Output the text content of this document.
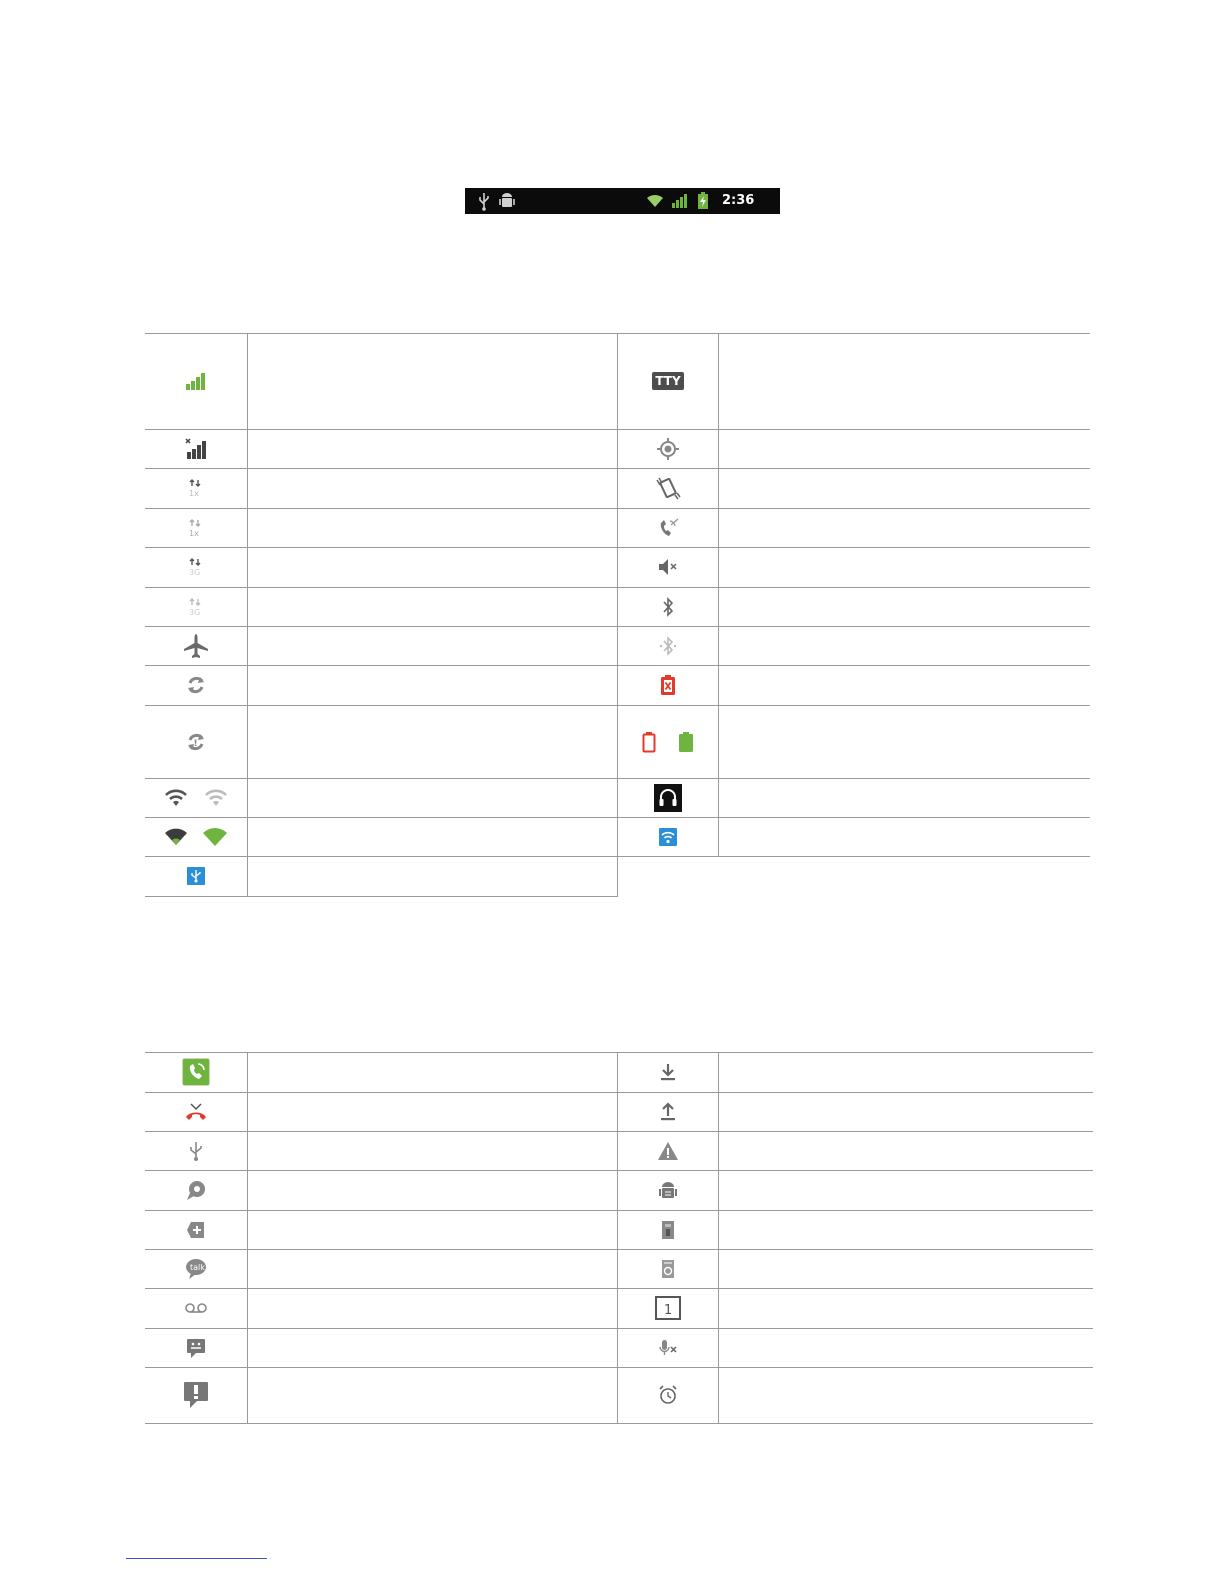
2:36 PM
1x
1x
3G
3G
!
TTY
talk
1
